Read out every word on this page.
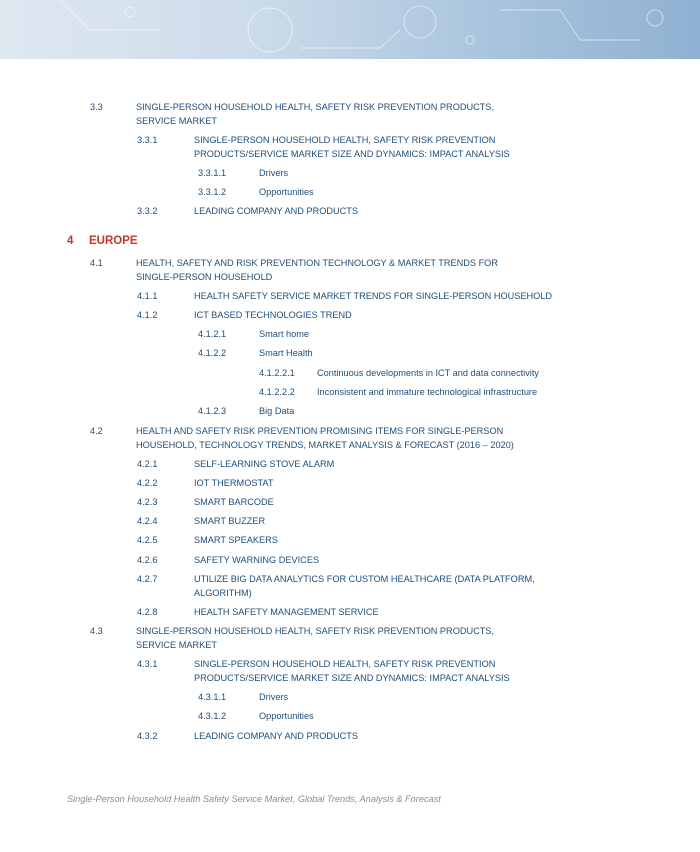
3.3	SINGLE-PERSON HOUSEHOLD HEALTH, SAFETY RISK PREVENTION PRODUCTS, SERVICE MARKET
3.3.1	SINGLE-PERSON HOUSEHOLD HEALTH, SAFETY RISK PREVENTION PRODUCTS/SERVICE MARKET SIZE AND DYNAMICS: IMPACT ANALYSIS
3.3.1.1	Drivers
3.3.1.2	Opportunities
3.3.2	LEADING COMPANY AND PRODUCTS
4 EUROPE
4.1	HEALTH, SAFETY AND RISK PREVENTION TECHNOLOGY & MARKET TRENDS FOR SINGLE-PERSON HOUSEHOLD
4.1.1	HEALTH SAFETY SERVICE MARKET TRENDS FOR SINGLE-PERSON HOUSEHOLD
4.1.2	ICT BASED TECHNOLOGIES TREND
4.1.2.1	Smart home
4.1.2.2	Smart Health
4.1.2.2.1 Continuous developments in ICT and data connectivity
4.1.2.2.2 Inconsistent and immature technological infrastructure
4.1.2.3	Big Data
4.2	HEALTH AND SAFETY RISK PREVENTION PROMISING ITEMS FOR SINGLE-PERSON HOUSEHOLD, TECHNOLOGY TRENDS, MARKET ANALYSIS & FORECAST (2016 – 2020)
4.2.1	SELF-LEARNING STOVE ALARM
4.2.2	IOT THERMOSTAT
4.2.3	SMART BARCODE
4.2.4	SMART BUZZER
4.2.5	SMART SPEAKERS
4.2.6	SAFETY WARNING DEVICES
4.2.7	UTILIZE BIG DATA ANALYTICS FOR CUSTOM HEALTHCARE (DATA PLATFORM, ALGORITHM)
4.2.8	HEALTH SAFETY MANAGEMENT SERVICE
4.3	SINGLE-PERSON HOUSEHOLD HEALTH, SAFETY RISK PREVENTION PRODUCTS, SERVICE MARKET
4.3.1	SINGLE-PERSON HOUSEHOLD HEALTH, SAFETY RISK PREVENTION PRODUCTS/SERVICE MARKET SIZE AND DYNAMICS: IMPACT ANALYSIS
4.3.1.1	Drivers
4.3.1.2	Opportunities
4.3.2	LEADING COMPANY AND PRODUCTS
Single-Person Household Health Safety Service Market, Global Trends, Analysis & Forecast
